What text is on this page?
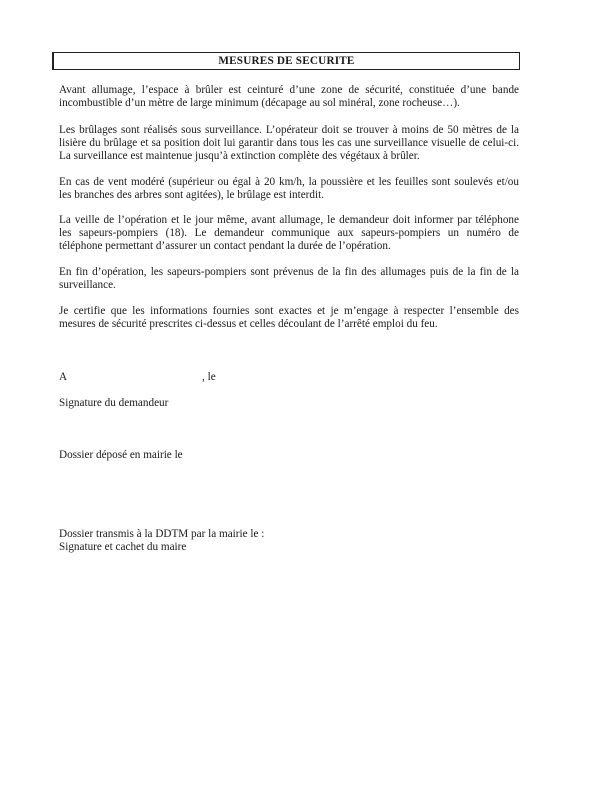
MESURES DE SECURITE
Avant allumage, l’espace à brûler est ceinturé d’une zone de sécurité, constituée d’une bande
incombustible d’un mètre de large minimum (décapage au sol minéral, zone rocheuse…).
Les brûlages sont réalisés sous surveillance. L’opérateur doit se trouver à moins de 50 mètres de la
lisière du brûlage et sa position doit lui garantir dans tous les cas une surveillance visuelle de celui-ci.
La surveillance est maintenue jusqu’à extinction complète des végétaux à brûler.
En cas de vent modéré (supérieur ou égal à 20 km/h, la poussière et les feuilles sont soulevés et/ou
les branches des arbres sont agitées), le brûlage est interdit.
La veille de l’opération et le jour même, avant allumage, le demandeur doit informer par téléphone
les sapeurs-pompiers (18). Le demandeur communique aux sapeurs-pompiers un numéro de
téléphone permettant d’assurer un contact pendant la durée de l’opération.
En fin d’opération, les sapeurs-pompiers sont prévenus de la fin des allumages puis de la fin de la
surveillance.
Je certifie que les informations fournies sont exactes et je m’engage à respecter l’ensemble des
mesures de sécurité prescrites ci-dessus et celles découlant de l’arrêté emploi du feu.

A	, le

Signature du demandeur

Dossier déposé en mairie le

Dossier transmis à la DDTM par la mairie le :

Signature et cachet du maire
